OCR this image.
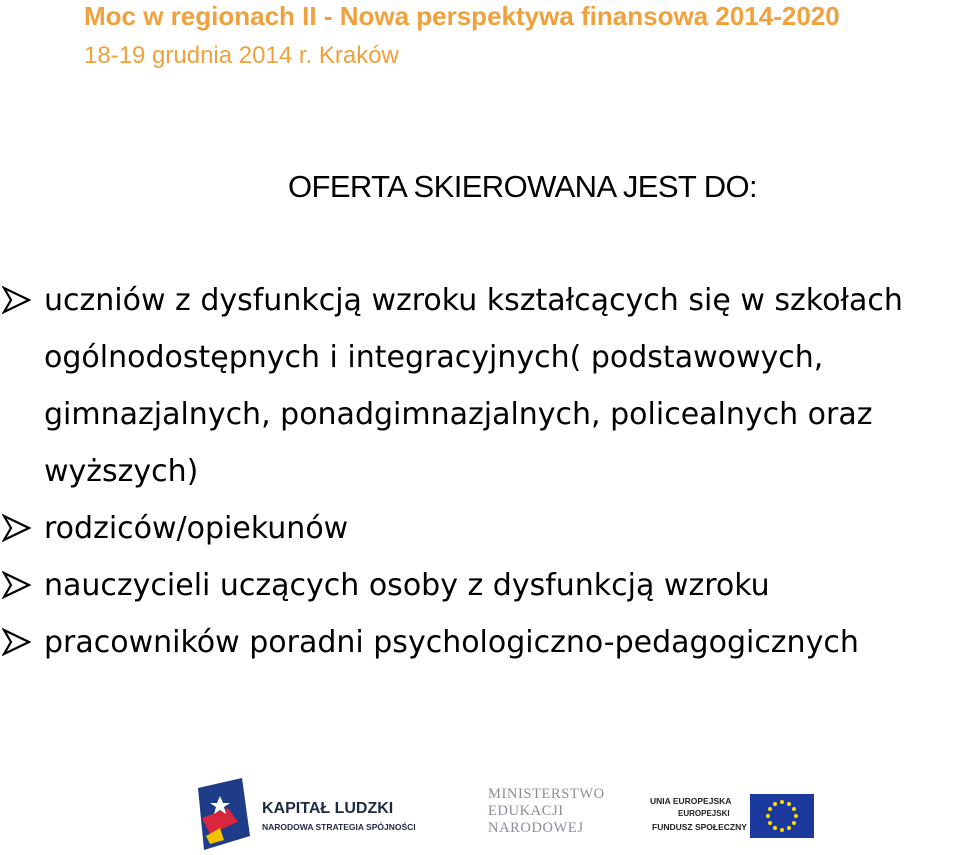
Moc w regionach II - Nowa perspektywa finansowa 2014-2020
18-19 grudnia 2014 r. Kraków
OFERTA SKIEROWANA JEST DO:
uczniów z dysfunkcją wzroku kształcących się w szkołach ogólnodostępnych i integracyjnych( podstawowych, gimnazjalnych, ponadgimnazjalnych, policealnych oraz wyższych)
rodziców/opiekunów
nauczycieli uczących osoby z dysfunkcją wzroku
pracowników poradni psychologiczno-pedagogicznych
KAPITAŁ LUDZKI
NARODOWA STRATEGIA SPÓJNOŚCI
MINISTERSTWO
EDUKACJI
NARODOWEJ
UNIA EUROPEJSKA
EUROPEJSKI
FUNDUSZ SPOŁECZNY
